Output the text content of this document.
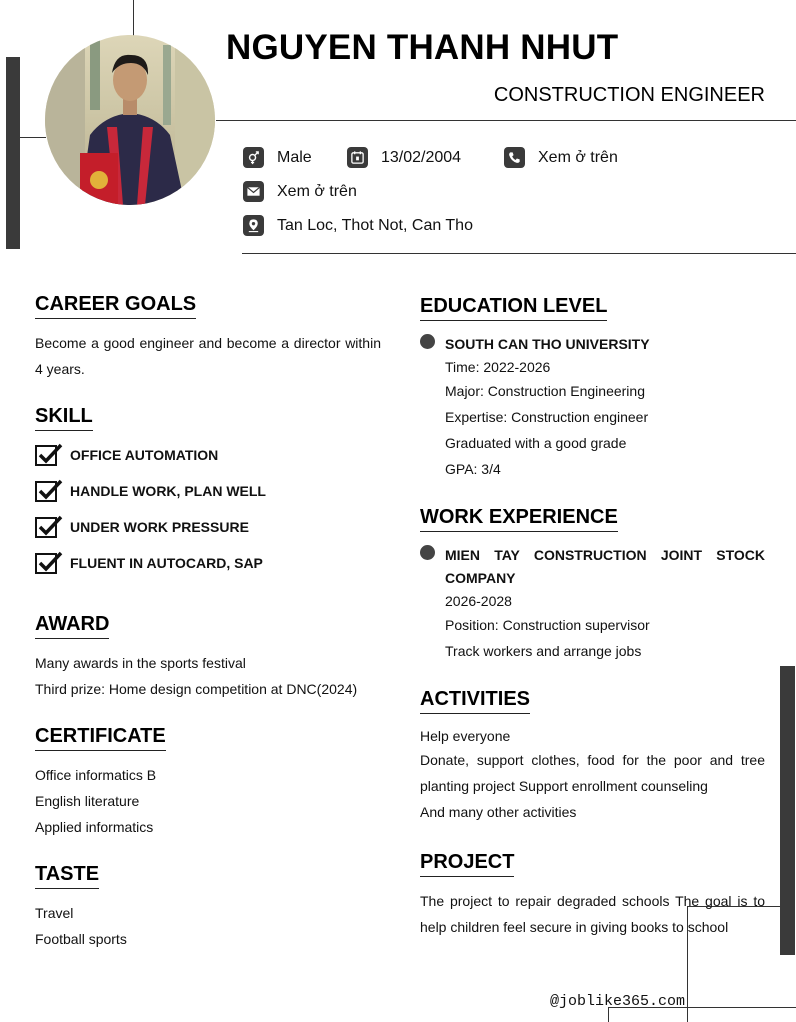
NGUYEN THANH NHUT
CONSTRUCTION ENGINEER
Male	13/02/2004	Xem ở trên
Xem ở trên
Tan Loc, Thot Not, Can Tho
CAREER GOALS
Become a good engineer and become a director within 4 years.
SKILL
OFFICE AUTOMATION
HANDLE WORK, PLAN WELL
UNDER WORK PRESSURE
FLUENT IN AUTOCARD, SAP
AWARD
Many awards in the sports festival
Third prize: Home design competition at DNC(2024)
CERTIFICATE
Office informatics B
English literature
Applied informatics
TASTE
Travel
Football sports
EDUCATION LEVEL
SOUTH CAN THO UNIVERSITY
Time: 2022-2026
Major: Construction Engineering
Expertise: Construction engineer
Graduated with a good grade
GPA: 3/4
WORK EXPERIENCE
MIEN TAY CONSTRUCTION JOINT STOCK COMPANY
2026-2028
Position: Construction supervisor
Track workers and arrange jobs
ACTIVITIES
Help everyone
Donate, support clothes, food for the poor and tree planting project Support enrollment counseling
And many other activities
PROJECT
The project to repair degraded schools The goal is to help children feel secure in giving books to school
@joblike365.com
